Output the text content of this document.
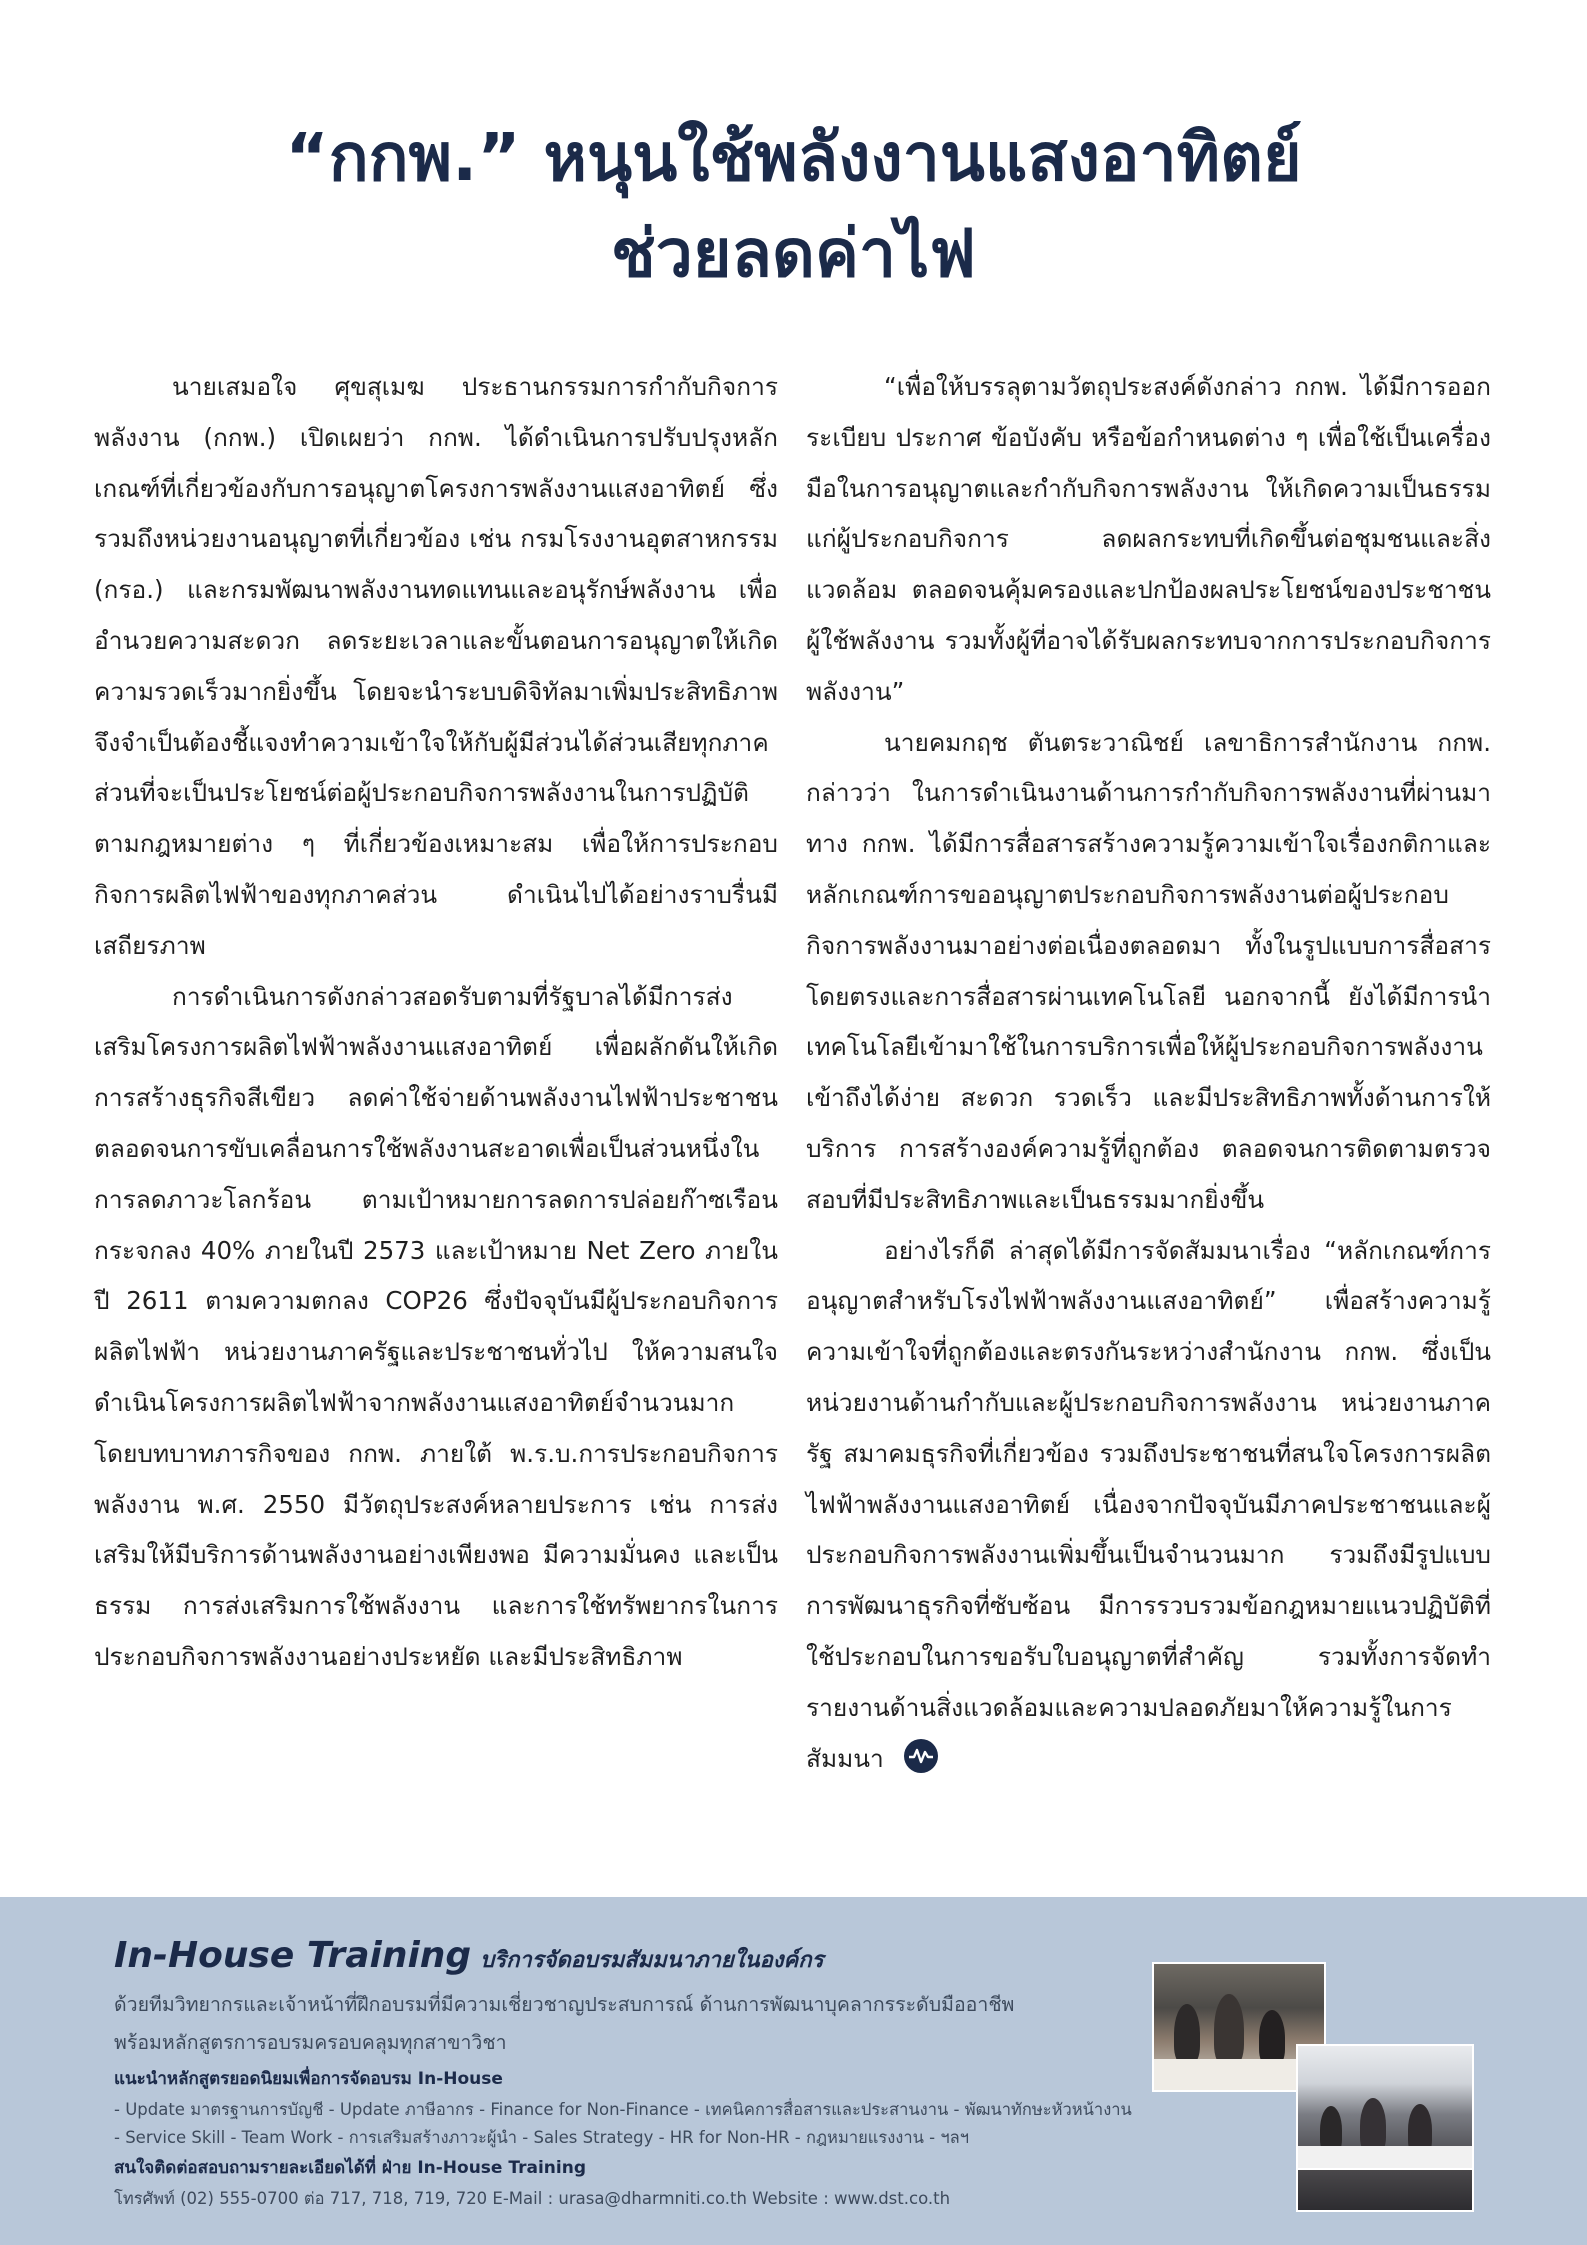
“กกพ.” หนุนใช้พลังงานแสงอาทิตย์
ช่วยลดค่าไฟ

นายเสมอใจ ศุขสุเมฆ ประธานกรรมการกำกับกิจการพลังงาน (กกพ.) เปิดเผยว่า กกพ. ได้ดำเนินการปรับปรุงหลักเกณฑ์ที่เกี่ยวข้องกับการอนุญาตโครงการพลังงานแสงอาทิตย์ ซึ่งรวมถึงหน่วยงานอนุญาตที่เกี่ยวข้อง เช่น กรมโรงงานอุตสาหกรรม (กรอ.) และกรมพัฒนาพลังงานทดแทนและอนุรักษ์พลังงาน เพื่ออำนวยความสะดวก ลดระยะเวลาและขั้นตอนการอนุญาตให้เกิดความรวดเร็วมากยิ่งขึ้น โดยจะนำระบบดิจิทัลมาเพิ่มประสิทธิภาพ จึงจำเป็นต้องชี้แจงทำความเข้าใจให้กับผู้มีส่วนได้ส่วนเสียทุกภาคส่วนที่จะเป็นประโยชน์ต่อผู้ประกอบกิจการพลังงานในการปฏิบัติตามกฎหมายต่าง ๆ ที่เกี่ยวข้องเหมาะสม เพื่อให้การประกอบกิจการผลิตไฟฟ้าของทุกภาคส่วน ดำเนินไปได้อย่างราบรื่นมีเสถียรภาพ

การดำเนินการดังกล่าวสอดรับตามที่รัฐบาลได้มีการส่งเสริมโครงการผลิตไฟฟ้าพลังงานแสงอาทิตย์ เพื่อผลักดันให้เกิดการสร้างธุรกิจสีเขียว ลดค่าใช้จ่ายด้านพลังงานไฟฟ้าประชาชน ตลอดจนการขับเคลื่อนการใช้พลังงานสะอาดเพื่อเป็นส่วนหนึ่งในการลดภาวะโลกร้อน ตามเป้าหมายการลดการปล่อยก๊าซเรือนกระจกลง 40% ภายในปี 2573 และเป้าหมาย Net Zero ภายในปี 2611 ตามความตกลง COP26 ซึ่งปัจจุบันมีผู้ประกอบกิจการผลิตไฟฟ้า หน่วยงานภาครัฐและประชาชนทั่วไป ให้ความสนใจดำเนินโครงการผลิตไฟฟ้าจากพลังงานแสงอาทิตย์จำนวนมาก โดยบทบาทภารกิจของ กกพ. ภายใต้ พ.ร.บ.การประกอบกิจการพลังงาน พ.ศ. 2550 มีวัตถุประสงค์หลายประการ เช่น การส่งเสริมให้มีบริการด้านพลังงานอย่างเพียงพอ มีความมั่นคง และเป็นธรรม การส่งเสริมการใช้พลังงาน และการใช้ทรัพยากรในการประกอบกิจการพลังงานอย่างประหยัด และมีประสิทธิภาพ

“เพื่อให้บรรลุตามวัตถุประสงค์ดังกล่าว กกพ. ได้มีการออกระเบียบ ประกาศ ข้อบังคับ หรือข้อกำหนดต่าง ๆ เพื่อใช้เป็นเครื่องมือในการอนุญาตและกำกับกิจการพลังงาน ให้เกิดความเป็นธรรมแก่ผู้ประกอบกิจการ ลดผลกระทบที่เกิดขึ้นต่อชุมชนและสิ่งแวดล้อม ตลอดจนคุ้มครองและปกป้องผลประโยชน์ของประชาชน ผู้ใช้พลังงาน รวมทั้งผู้ที่อาจได้รับผลกระทบจากการประกอบกิจการพลังงาน”

นายคมกฤช ตันตระวาณิชย์ เลขาธิการสำนักงาน กกพ. กล่าวว่า ในการดำเนินงานด้านการกำกับกิจการพลังงานที่ผ่านมาทาง กกพ. ได้มีการสื่อสารสร้างความรู้ความเข้าใจเรื่องกติกาและหลักเกณฑ์การขออนุญาตประกอบกิจการพลังงานต่อผู้ประกอบกิจการพลังงานมาอย่างต่อเนื่องตลอดมา ทั้งในรูปแบบการสื่อสารโดยตรงและการสื่อสารผ่านเทคโนโลยี นอกจากนี้ ยังได้มีการนำเทคโนโลยีเข้ามาใช้ในการบริการเพื่อให้ผู้ประกอบกิจการพลังงานเข้าถึงได้ง่าย สะดวก รวดเร็ว และมีประสิทธิภาพทั้งด้านการให้บริการ การสร้างองค์ความรู้ที่ถูกต้อง ตลอดจนการติดตามตรวจสอบที่มีประสิทธิภาพและเป็นธรรมมากยิ่งขึ้น

อย่างไรก็ดี ล่าสุดได้มีการจัดสัมมนาเรื่อง “หลักเกณฑ์การอนุญาตสำหรับโรงไฟฟ้าพลังงานแสงอาทิตย์” เพื่อสร้างความรู้ความเข้าใจที่ถูกต้องและตรงกันระหว่างสำนักงาน กกพ. ซึ่งเป็นหน่วยงานด้านกำกับและผู้ประกอบกิจการพลังงาน หน่วยงานภาครัฐ สมาคมธุรกิจที่เกี่ยวข้อง รวมถึงประชาชนที่สนใจโครงการผลิตไฟฟ้าพลังงานแสงอาทิตย์ เนื่องจากปัจจุบันมีภาคประชาชนและผู้ประกอบกิจการพลังงานเพิ่มขึ้นเป็นจำนวนมาก รวมถึงมีรูปแบบการพัฒนาธุรกิจที่ซับซ้อน มีการรวบรวมข้อกฎหมายแนวปฏิบัติที่ใช้ประกอบในการขอรับใบอนุญาตที่สำคัญ รวมทั้งการจัดทำรายงานด้านสิ่งแวดล้อมและความปลอดภัยมาให้ความรู้ในการสัมมนา

In-House Training บริการจัดอบรมสัมมนาภายในองค์กร
ด้วยทีมวิทยากรและเจ้าหน้าที่ฝึกอบรมที่มีความเชี่ยวชาญประสบการณ์ ด้านการพัฒนาบุคลากรระดับมืออาชีพ
พร้อมหลักสูตรการอบรมครอบคลุมทุกสาขาวิชา
แนะนำหลักสูตรยอดนิยมเพื่อการจัดอบรม In-House
- Update มาตรฐานการบัญชี - Update ภาษีอากร - Finance for Non-Finance - เทคนิคการสื่อสารและประสานงาน - พัฒนาทักษะหัวหน้างาน
- Service Skill - Team Work - การเสริมสร้างภาวะผู้นำ - Sales Strategy - HR for Non-HR - กฎหมายแรงงาน - ฯลฯ
สนใจติดต่อสอบถามรายละเอียดได้ที่ ฝ่าย In-House Training
โทรศัพท์ (02) 555-0700 ต่อ 717, 718, 719, 720 E-Mail : urasa@dharmniti.co.th Website : www.dst.co.th
